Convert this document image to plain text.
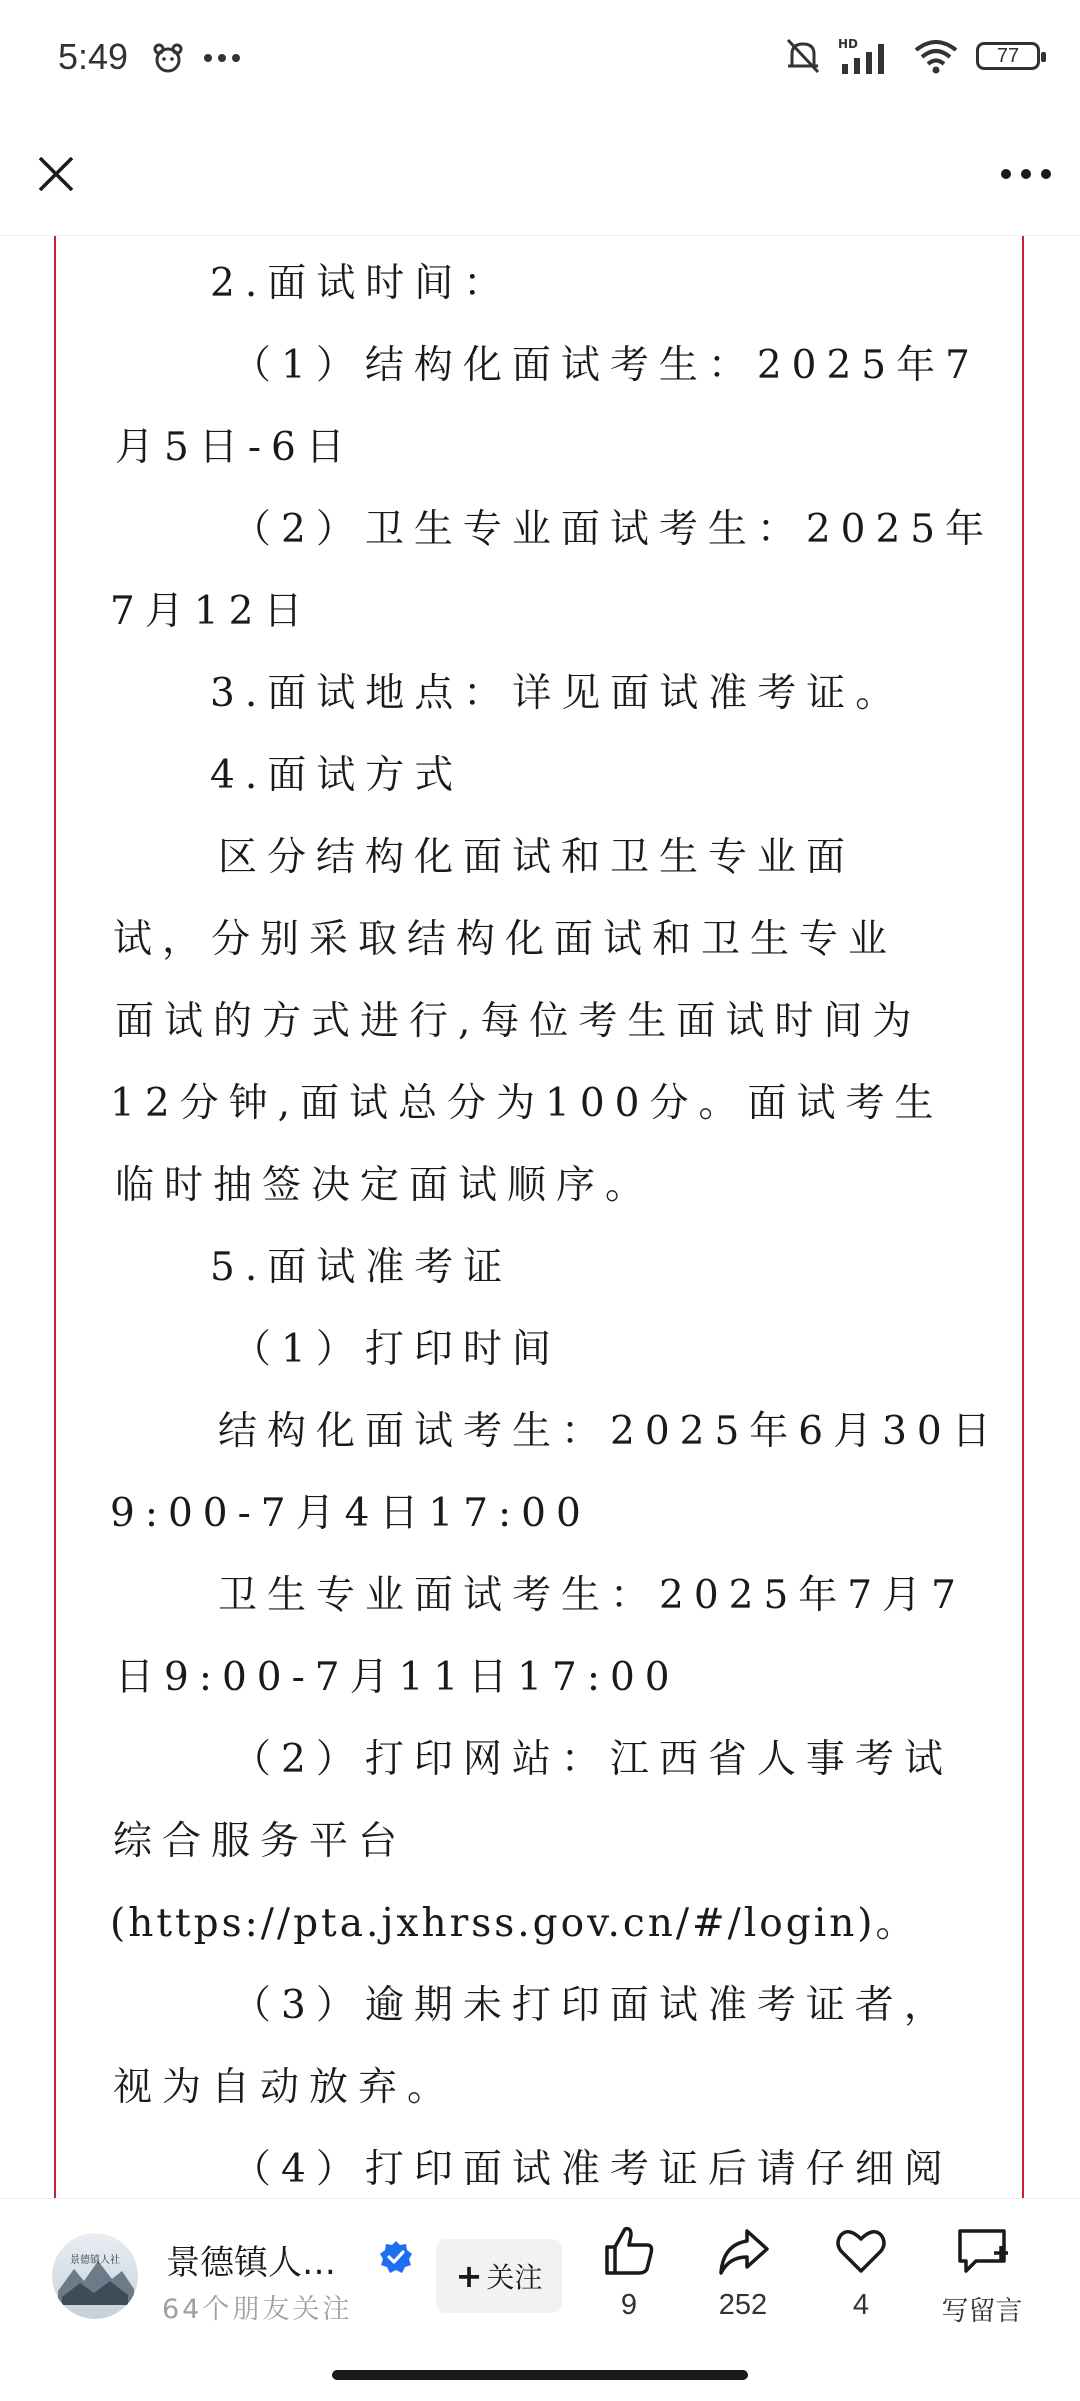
5:49	HD
77
2.面试时间：
（1）结构化面试考生：2025年7
月5日-6日
（2）卫生专业面试考生：2025年
7月12日
3.面试地点：详见面试准考证。
4.面试方式
区分结构化面试和卫生专业面
试，分别采取结构化面试和卫生专业
面试的方式进行,每位考生面试时间为
12分钟,面试总分为100分。面试考生
临时抽签决定面试顺序。
5.面试准考证
（1）打印时间
结构化面试考生：2025年6月30日
9:00-7月4日17:00
卫生专业面试考生：2025年7月7
日9:00-7月11日17:00
（2）打印网站：江西省人事考试
综合服务平台
(https://pta.jxhrss.gov.cn/#/login)。
（3）逾期未打印面试准考证者，
视为自动放弃。
（4）打印面试准考证后请仔细阅
景德镇人社 景德镇人…
64个朋友关注
+ 关注
9	252	4	写留言
